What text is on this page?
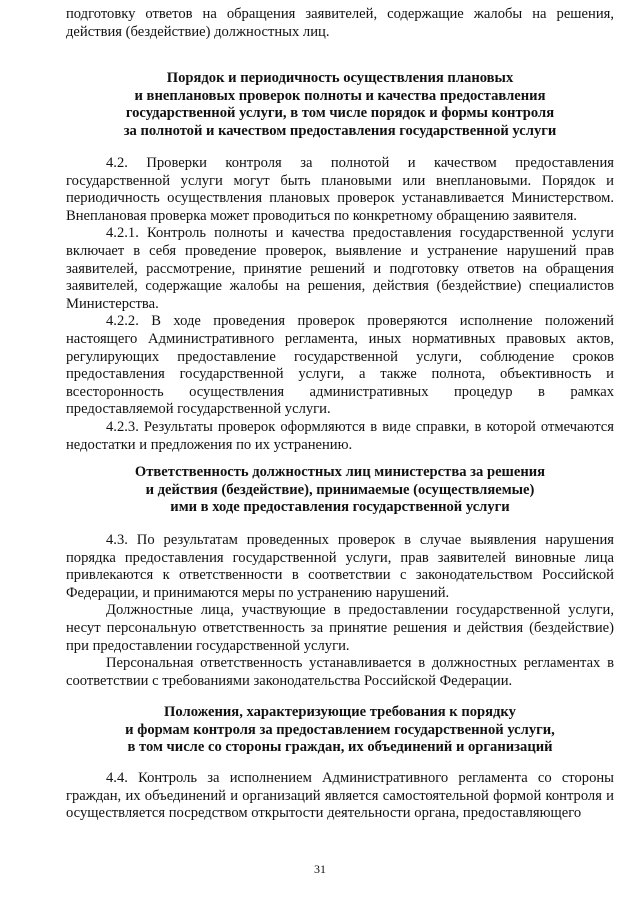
подготовку ответов на обращения заявителей, содержащие жалобы на решения, действия (бездействие) должностных лиц.
Порядок и периодичность осуществления плановых
и внеплановых проверок полноты и качества предоставления
государственной услуги, в том числе порядок и формы контроля
за полнотой и качеством предоставления государственной услуги
4.2. Проверки контроля за полнотой и качеством предоставления государственной услуги могут быть плановыми или внеплановыми. Порядок и периодичность осуществления плановых проверок устанавливается Министерством. Внеплановая проверка может проводиться по конкретному обращению заявителя.
4.2.1. Контроль полноты и качества предоставления государственной услуги включает в себя проведение проверок, выявление и устранение нарушений прав заявителей, рассмотрение, принятие решений и подготовку ответов на обращения заявителей, содержащие жалобы на решения, действия (бездействие) специалистов Министерства.
4.2.2. В ходе проведения проверок проверяются исполнение положений настоящего Административного регламента, иных нормативных правовых актов, регулирующих предоставление государственной услуги, соблюдение сроков предоставления государственной услуги, а также полнота, объективность и всесторонность осуществления административных процедур в рамках предоставляемой государственной услуги.
4.2.3. Результаты проверок оформляются в виде справки, в которой отмечаются недостатки и предложения по их устранению.
Ответственность должностных лиц министерства за решения
и действия (бездействие), принимаемые (осуществляемые)
ими в ходе предоставления государственной услуги
4.3. По результатам проведенных проверок в случае выявления нарушения порядка предоставления государственной услуги, прав заявителей виновные лица привлекаются к ответственности в соответствии с законодательством Российской Федерации, и принимаются меры по устранению нарушений.
Должностные лица, участвующие в предоставлении государственной услуги, несут персональную ответственность за принятие решения и действия (бездействие) при предоставлении государственной услуги.
Персональная ответственность устанавливается в должностных регламентах в соответствии с требованиями законодательства Российской Федерации.
Положения, характеризующие требования к порядку
и формам контроля за предоставлением государственной услуги,
в том числе со стороны граждан, их объединений и организаций
4.4. Контроль за исполнением Административного регламента со стороны граждан, их объединений и организаций является самостоятельной формой контроля и осуществляется посредством открытости деятельности органа, предоставляющего
31
